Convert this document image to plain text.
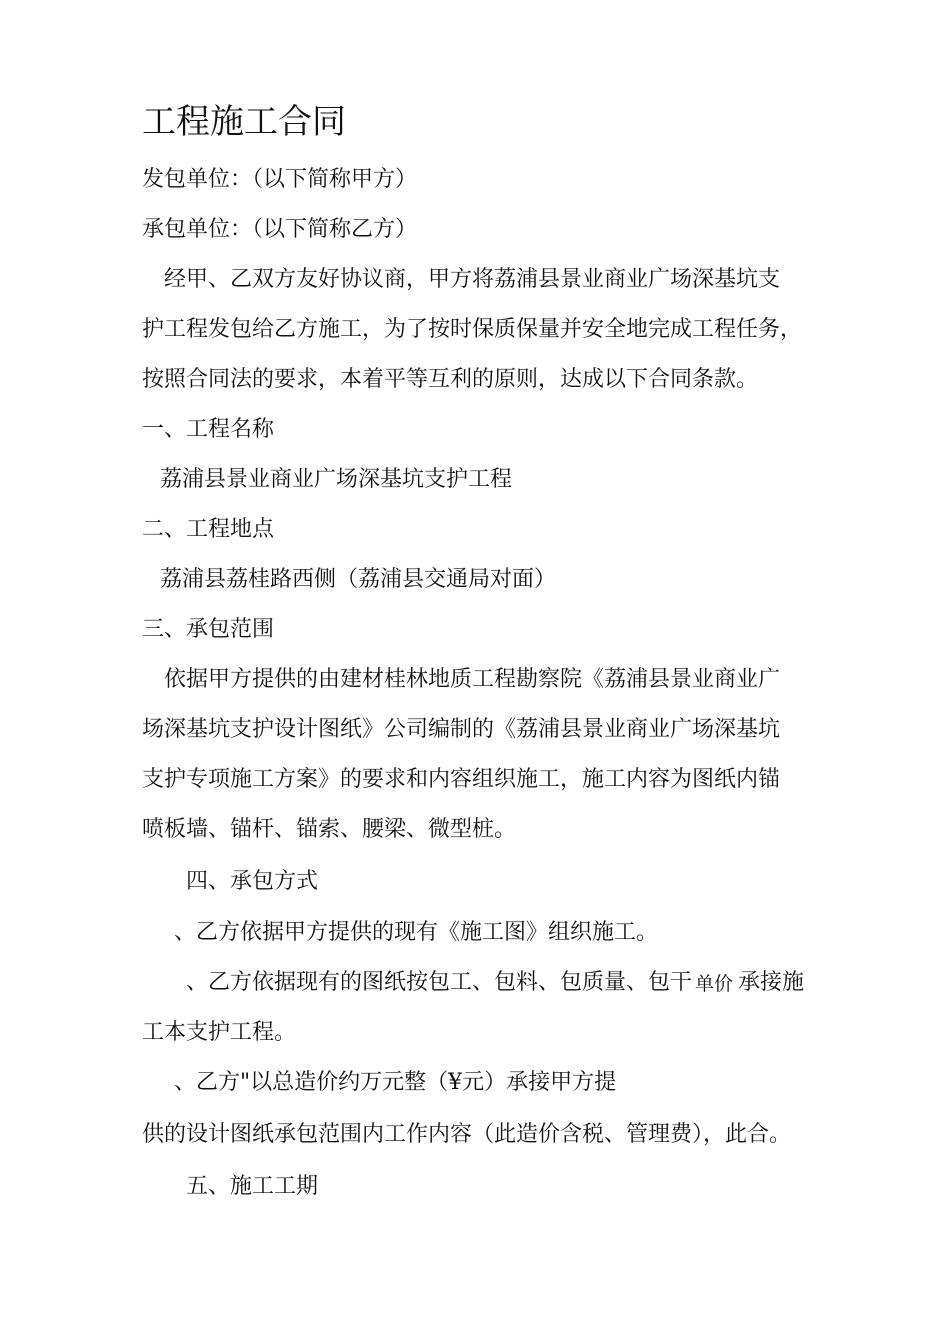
工程施工合同
发包单位：（以下简称甲方）
承包单位：（以下简称乙方）
经甲、乙双方友好协议商，甲方将荔浦县景业商业广场深基坑支
护工程发包给乙方施工，为了按时保质保量并安全地完成工程任务，
按照合同法的要求，本着平等互利的原则，达成以下合同条款。
一、工程名称
荔浦县景业商业广场深基坑支护工程
二、工程地点
荔浦县荔桂路西侧（荔浦县交通局对面）
三、承包范围
依据甲方提供的由建材桂林地质工程勘察院《荔浦县景业商业广
场深基坑支护设计图纸》公司编制的《荔浦县景业商业广场深基坑
支护专项施工方案》的要求和内容组织施工，施工内容为图纸内锚
喷板墙、锚杆、锚索、腰梁、微型桩。
四、承包方式
、乙方依据甲方提供的现有《施工图》组织施工。
、乙方依据现有的图纸按包工、包料、包质量、包干 单价 承接施
工本支护工程。
、乙方"以总造价约万元整（¥元）承接甲方提
供的设计图纸承包范围内工作内容（此造价含税、管理费），此合。
五、施工工期
